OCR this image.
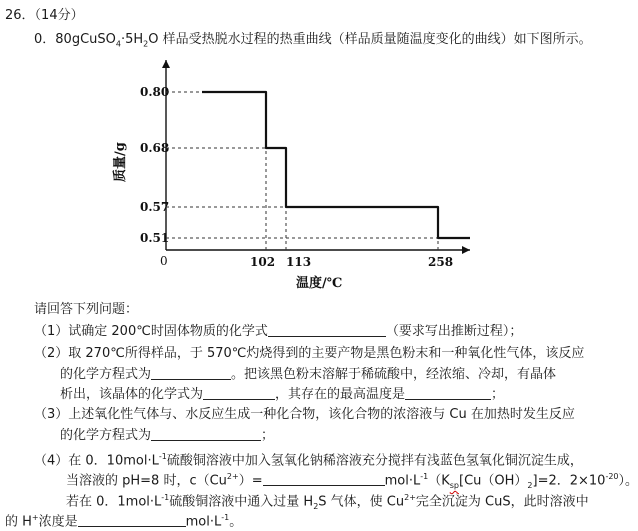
26．（14分）
0．$80gCuSO_4\cdot 5H_2O$ 样品受热脱水过程的热重曲线（样品质量随温度变化的曲线）如下图所示。
0
0.80
0.68
0.57
0.51
102 113	258
质量/g
温度/℃
请回答下列问题：
（1）试确定 200℃时固体物质的化学式	（要求写出推断过程）；
（2）取 270℃所得样品，于 570℃灼烧得到的主要产物是黑色粉末和一种氧化性气体，该反应
的化学方程式为	。把该黑色粉末溶解于稀硫酸中，经浓缩、冷却，有晶体
析出，该晶体的化学式为	，其存在的最高温度是	；
（3）上述氧化性气体与、水反应生成一种化合物，该化合物的浓溶液与 Cu 在加热时发生反应
的化学方程式为	；
（4）在 0．$10mol\cdot L^{-1}$硫酸铜溶液中加入氢氧化钠稀溶液充分搅拌有浅蓝色氢氧化铜沉淀生成，
当溶液的 pH=8 时，$c(Cu^{2+})=$	$mol\cdot L^{-1}(K_{sp}[Cu(OH)_2]=2$．$2\times 10^{-20}$）。
若在 0．$1mol\cdot L^{-1}$硫酸铜溶液中通入过量 $H_2S$ 气体，使 $Cu^{2+}$完全沉淀为 CuS，此时溶液中
的 H+浓度是	$mol\cdot L^{-1}$。
